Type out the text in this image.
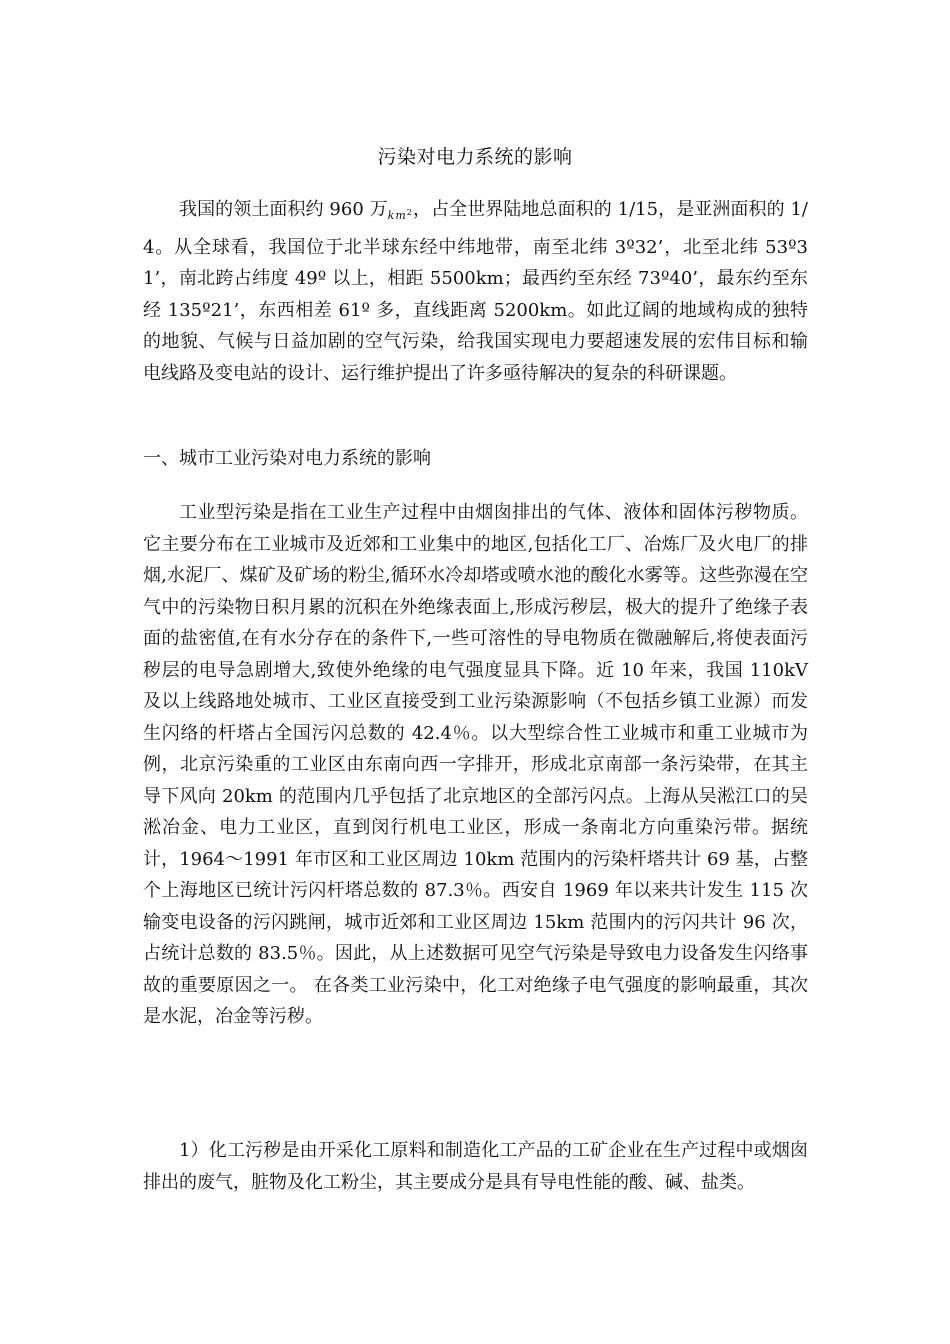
污染对电力系统的影响
我国的领土面积约 960 万$_{km^2}$，占全世界陆地总面积的 1/15，是亚洲面积的 1/4。从全球看，我国位于北半球东经中纬地带，南至北纬 3º32’，北至北纬 53º31’，南北跨占纬度 49º 以上，相距 5500km；最西约至东经 73º40’，最东约至东经 135º21’，东西相差 61º 多，直线距离 5200km。如此辽阔的地域构成的独特的地貌、气候与日益加剧的空气污染，给我国实现电力要超速发展的宏伟目标和输电线路及变电站的设计、运行维护提出了许多亟待解决的复杂的科研课题。
一、城市工业污染对电力系统的影响
工业型污染是指在工业生产过程中由烟囱排出的气体、液体和固体污秽物质。它主要分布在工业城市及近郊和工业集中的地区,包括化工厂、冶炼厂及火电厂的排烟,水泥厂、煤矿及矿场的粉尘,循环水冷却塔或喷水池的酸化水雾等。这些弥漫在空气中的污染物日积月累的沉积在外绝缘表面上,形成污秽层，极大的提升了绝缘子表面的盐密值,在有水分存在的条件下,一些可溶性的导电物质在微融解后,将使表面污秽层的电导急剧增大,致使外绝缘的电气强度显具下降。近 10 年来，我国 110kV 及以上线路地处城市、工业区直接受到工业污染源影响（不包括乡镇工业源）而发生闪络的杆塔占全国污闪总数的 42.4％。以大型综合性工业城市和重工业城市为例，北京污染重的工业区由东南向西一字排开，形成北京南部一条污染带，在其主导下风向 20km 的范围内几乎包括了北京地区的全部污闪点。上海从吴淞江口的吴淞冶金、电力工业区，直到闵行机电工业区，形成一条南北方向重染污带。据统计，1964～1991 年市区和工业区周边 10km 范围内的污染杆塔共计 69 基，占整个上海地区已统计污闪杆塔总数的 87.3％。西安自 1969 年以来共计发生 115 次输变电设备的污闪跳闸，城市近郊和工业区周边 15km 范围内的污闪共计 96 次，占统计总数的 83.5％。因此，从上述数据可见空气污染是导致电力设备发生闪络事故的重要原因之一。 在各类工业污染中，化工对绝缘子电气强度的影响最重，其次是水泥，冶金等污秽。
1）化工污秽是由开采化工原料和制造化工产品的工矿企业在生产过程中或烟囱排出的废气，脏物及化工粉尘，其主要成分是具有导电性能的酸、碱、盐类。
